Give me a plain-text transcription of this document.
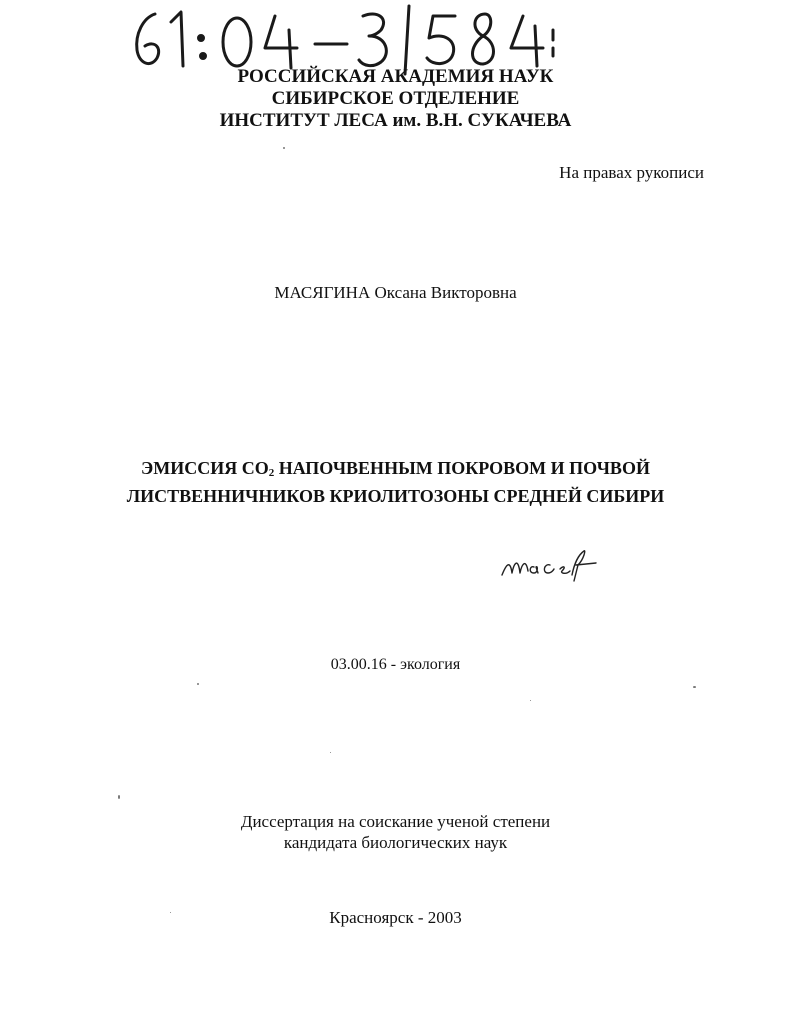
РОССИЙСКАЯ АКАДЕМИЯ НАУК
СИБИРСКОЕ ОТДЕЛЕНИЕ
ИНСТИТУТ ЛЕСА им. В.Н. СУКАЧЕВА
На правах рукописи
МАСЯГИНА Оксана Викторовна
ЭМИССИЯ $СО_2$ НАПОЧВЕННЫМ ПОКРОВОМ И ПОЧВОЙ
ЛИСТВЕННИЧНИКОВ КРИОЛИТОЗОНЫ СРЕДНЕЙ СИБИРИ
03.00.16 - экология
Диссертация на соискание ученой степени
кандидата биологических наук
Красноярск - 2003
